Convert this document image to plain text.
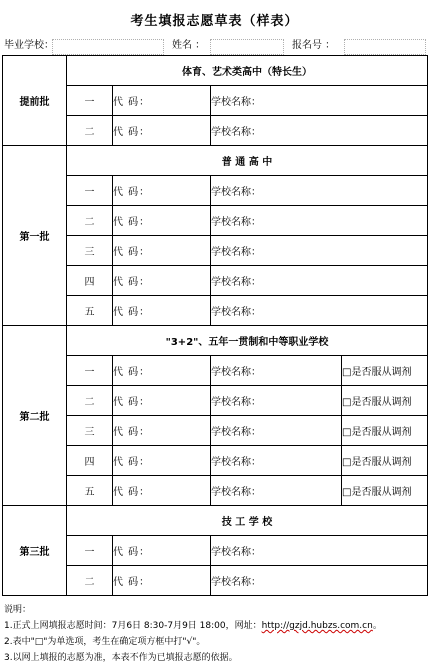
考生填报志愿草表（样表）
毕业学校：	姓名 ：	报名号 ：
提前批	体育、艺术类高中（特长生）			
	一	代 码：	学校名称：	
	二	代 码：	学校名称：	
第一批	普 通 高 中			
	一	代 码：	学校名称：	
	二	代 码：	学校名称：	
	三	代 码：	学校名称：	
	四	代 码：	学校名称：	
	五	代 码：	学校名称：	
第二批	"3+2"、五年一贯制和中等职业学校			
	一	代 码：	学校名称：	□是否服从调剂
	二	代 码：	学校名称：	□是否服从调剂
	三	代 码：	学校名称：	□是否服从调剂
	四	代 码：	学校名称：	□是否服从调剂
	五	代 码：	学校名称：	□是否服从调剂
第三批	技 工 学 校			
	一	代 码：	学校名称：	
	二	代 码：	学校名称：	
说明：
1.正式上网填报志愿时间：7月6日 8:30-7月9日 18:00，网址：http://gzjd.hubzs.com.cn。
2.表中"□"为单选项，考生在确定项方框中打"√"。
3.以网上填报的志愿为准，本表不作为已填报志愿的依据。
